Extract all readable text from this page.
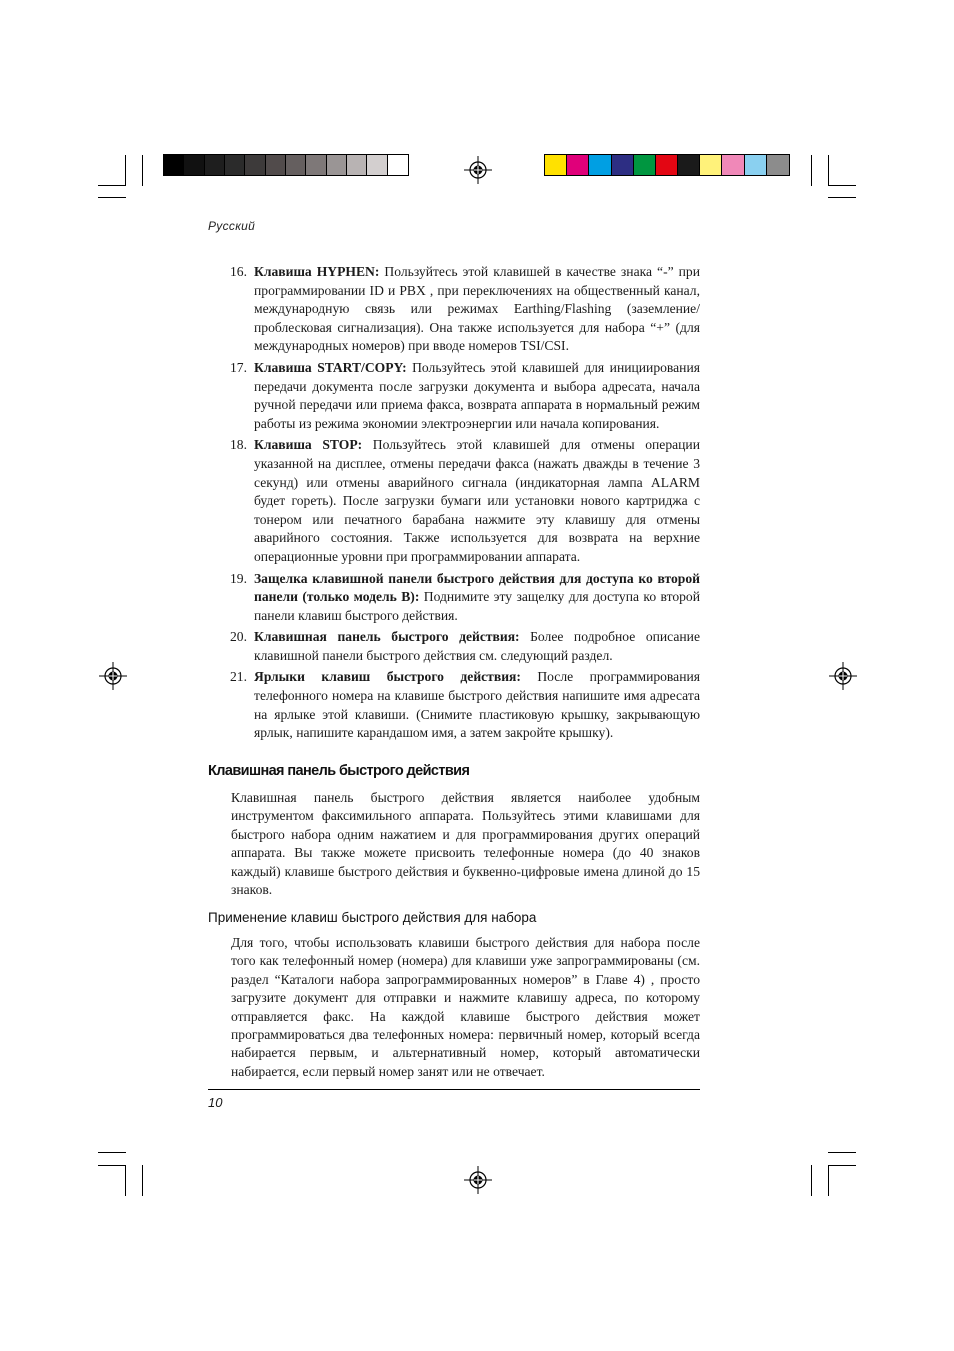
Русский
16. Клавиша HYPHEN: Пользуйтесь этой клавишей в качестве знака “-” при программировании ID и PBX , при переключениях на общественный канал, международную связь или режимах Earthing/Flashing (заземление/ проблесковая сигнализация). Она также используется для набора “+” (для международных номеров) при вводе номеров TSI/CSI.
17. Клавиша START/COPY: Пользуйтесь этой клавишей для инициирования передачи документа после загрузки документа и выбора адресата, начала ручной передачи или приема факса, возврата аппарата в нормальный режим работы из режима экономии электроэнергии или начала копирования.
18. Клавиша STOP: Пользуйтесь этой клавишей для отмены операции указанной на дисплее, отмены передачи факса (нажать дважды в течение 3 секунд) или отмены аварийного сигнала (индикаторная лампа ALARM будет гореть). После загрузки бумаги или установки нового картриджа с тонером или печатного барабана нажмите эту клавишу для отмены аварийного состояния. Также используется для возврата на верхние операционные уровни при программировании аппарата.
19. Защелка клавишной панели быстрого действия для доступа ко второй панели (только модель B): Поднимите эту защелку для доступа ко второй панели клавиш быстрого действия.
20. Клавишная панель быстрого действия: Более подробное описание клавишной панели быстрого действия см. следующий раздел.
21. Ярлыки клавиш быстрого действия: После программирования телефонного номера на клавише быстрого действия напишите имя адресата на ярлыке этой клавиши. (Снимите пластиковую крышку, закрывающую ярлык, напишите карандашом имя, а затем закройте крышку).
Клавишная панель быстрого действия
Клавишная панель быстрого действия является наиболее удобным инструментом факсимильного аппарата. Пользуйтесь этими клавишами для быстрого набора одним нажатием и для программирования других операций аппарата. Вы также можете присвоить телефонные номера (до 40 знаков каждый) клавише быстрого действия и буквенно-цифровые имена длиной до 15 знаков.
Применение клавиш быстрого действия для набора
Для того, чтобы использовать клавиши быстрого действия для набора после того как телефонный номер (номера) для клавиши уже запрограммированы (см. раздел “Каталоги набора запрограммированных номеров” в Главе 4) , просто загрузите документ для отправки и нажмите клавишу адреса, по которому отправляется факс. На каждой клавише быстрого действия может программироваться два телефонных номера: первичный номер, который всегда набирается первым, и альтернативный номер, который автоматически набирается, если первый номер занят или не отвечает.
10
